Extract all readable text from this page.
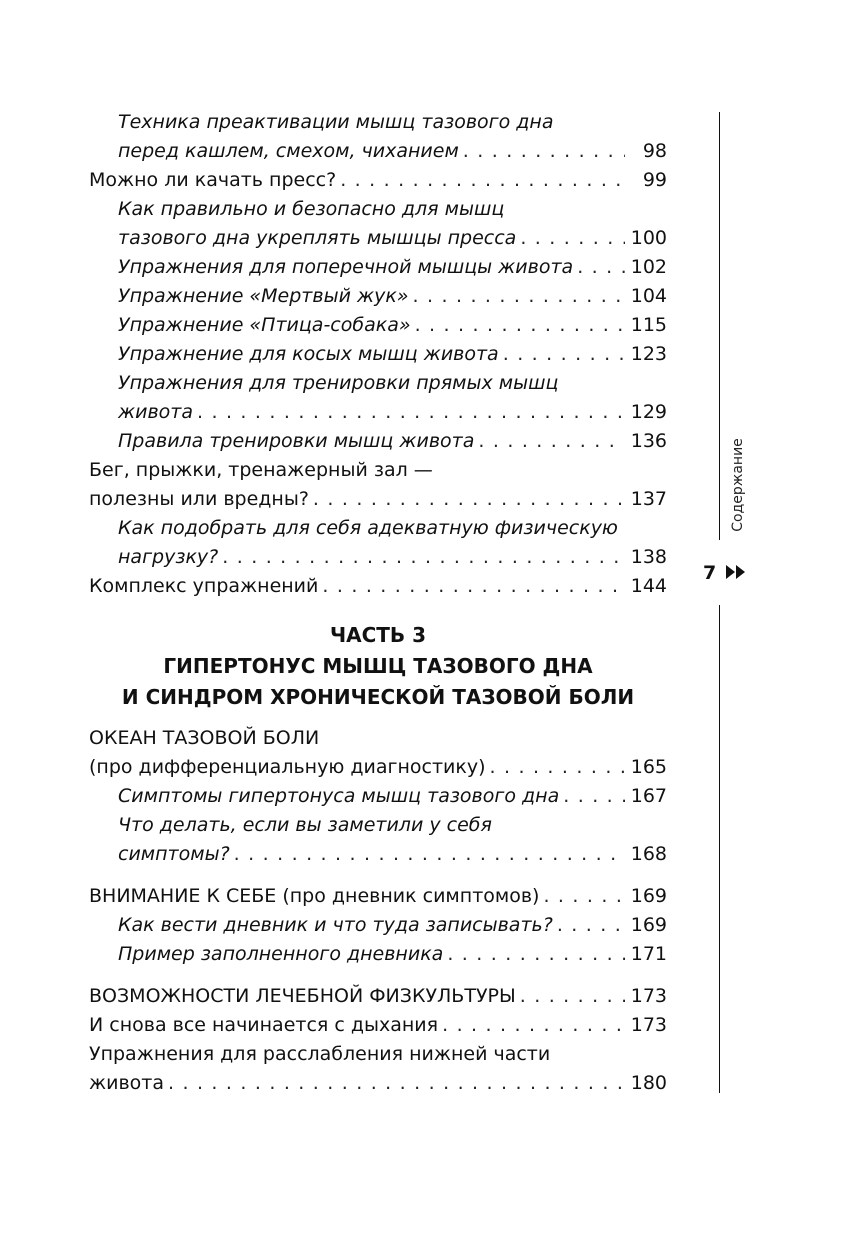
ЧАСТЬ 3
ГИПЕРТОНУС МЫШЦ ТАЗОВОГО ДНА
И СИНДРОМ ХРОНИЧЕСКОЙ ТАЗОВОЙ БОЛИ
Содержание
7
Техника преактивации мышц тазового дна
перед кашлем, смехом, чиханием . . .	98
Можно ли качать пресс? . . .	99
Как правильно и безопасно для мышц
тазового дна укреплять мышцы пресса . . .	100
Упражнения для поперечной мышцы живота . . .	102
Упражнение «Мертвый жук» . . .	104
Упражнение «Птица-собака» . . .	115
Упражнение для косых мышц живота . . .	123
Упражнения для тренировки прямых мышц
живота . . .	129
Правила тренировки мышц живота . . .	136
Бег, прыжки, тренажерный зал —
полезны или вредны? . . .	137
Как подобрать для себя адекватную физическую
нагрузку? . . .	138
Комплекс упражнений . . .	144
ОКЕАН ТАЗОВОЙ БОЛИ
(про дифференциальную диагностику) . . .	165
Симптомы гипертонуса мышц тазового дна . . .	167
Что делать, если вы заметили у себя
симптомы? . . .	168
ВНИМАНИЕ К СЕБЕ (про дневник симптомов) . . .	169
Как вести дневник и что туда записывать? . . .	169
Пример заполненного дневника . . .	171
ВОЗМОЖНОСТИ ЛЕЧЕБНОЙ ФИЗКУЛЬТУРЫ . . .	173
И снова все начинается с дыхания . . .	173
Упражнения для расслабления нижней части
живота . . .	180
